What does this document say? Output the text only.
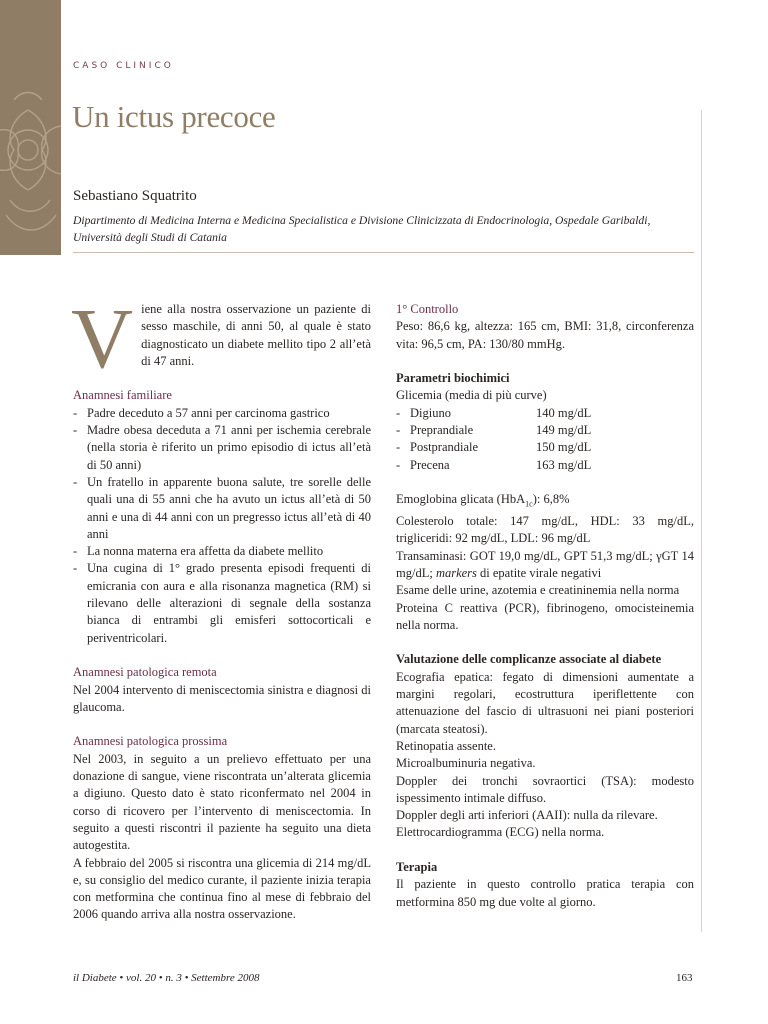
CASO CLINICO
Un ictus precoce
Sebastiano Squatrito
Dipartimento di Medicina Interna e Medicina Specialistica e Divisione Clinicizzata di Endocrinologia, Ospedale Garibaldi, Università degli Studi di Catania

Viene alla nostra osservazione un paziente di sesso maschile, di anni 50, al quale è stato diagnosticato un diabete mellito tipo 2 all’età di 47 anni.

Anamnesi familiare

- Padre deceduto a 57 anni per carcinoma gastrico
- Madre obesa deceduta a 71 anni per ischemia cerebrale (nella storia è riferito un primo episodio di ictus all’età di 50 anni)
- Un fratello in apparente buona salute, tre sorelle delle quali una di 55 anni che ha avuto un ictus all’età di 50 anni e una di 44 anni con un pregresso ictus all’età di 40 anni
- La nonna materna era affetta da diabete mellito
- Una cugina di 1° grado presenta episodi frequenti di emicrania con aura e alla risonanza magnetica (RM) si rilevano delle alterazioni di segnale della sostanza bianca di entrambi gli emisferi sottocorticali e periventricolari.

Anamnesi patologica remota

Nel 2004 intervento di meniscectomia sinistra e diagnosi di glaucoma.

Anamnesi patologica prossima

Nel 2003, in seguito a un prelievo effettuato per una donazione di sangue, viene riscontrata un’alterata glicemia a digiuno. Questo dato è stato riconfermato nel 2004 in corso di ricovero per l’intervento di meniscectomia. In seguito a questi riscontri il paziente ha seguito una dieta autogestita.

A febbraio del 2005 si riscontra una glicemia di 214 mg/dL e, su consiglio del medico curante, il paziente inizia terapia con metformina che continua fino al mese di febbraio del 2006 quando arriva alla nostra osservazione.

1° Controllo

Peso: 86,6 kg, altezza: 165 cm, BMI: 31,8, circonferenza vita: 96,5 cm, PA: 130/80 mmHg.

Parametri biochimici

Glicemia (media di più curve)

- Digiuno	140 mg/dL
- Preprandiale	149 mg/dL
- Postprandiale	150 mg/dL
- Precena	163 mg/dL

Emoglobina glicata (HbA$_{1c}$): 6,8%

Colesterolo totale: 147 mg/dL, HDL: 33 mg/dL, trigliceridi: 92 mg/dL, LDL: 96 mg/dL

Transaminasi: GOT 19,0 mg/dL, GPT 51,3 mg/dL; γGT 14 mg/dL; markers di epatite virale negativi

Esame delle urine, azotemia e creatininemia nella norma

Proteina C reattiva (PCR), fibrinogeno, omocisteinemia nella norma.

Valutazione delle complicanze associate al diabete

Ecografia epatica: fegato di dimensioni aumentate a margini regolari, ecostruttura iperiflettente con attenuazione del fascio di ultrasuoni nei piani posteriori (marcata steatosi).

Retinopatia assente.

Microalbuminuria negativa.

Doppler dei tronchi sovraortici (TSA): modesto ispessimento intimale diffuso.

Doppler degli arti inferiori (AAII): nulla da rilevare.

Elettrocardiogramma (ECG) nella norma.

Terapia

Il paziente in questo controllo pratica terapia con metformina 850 mg due volte al giorno.

il Diabete • vol. 20 • n. 3 • Settembre 2008	163
